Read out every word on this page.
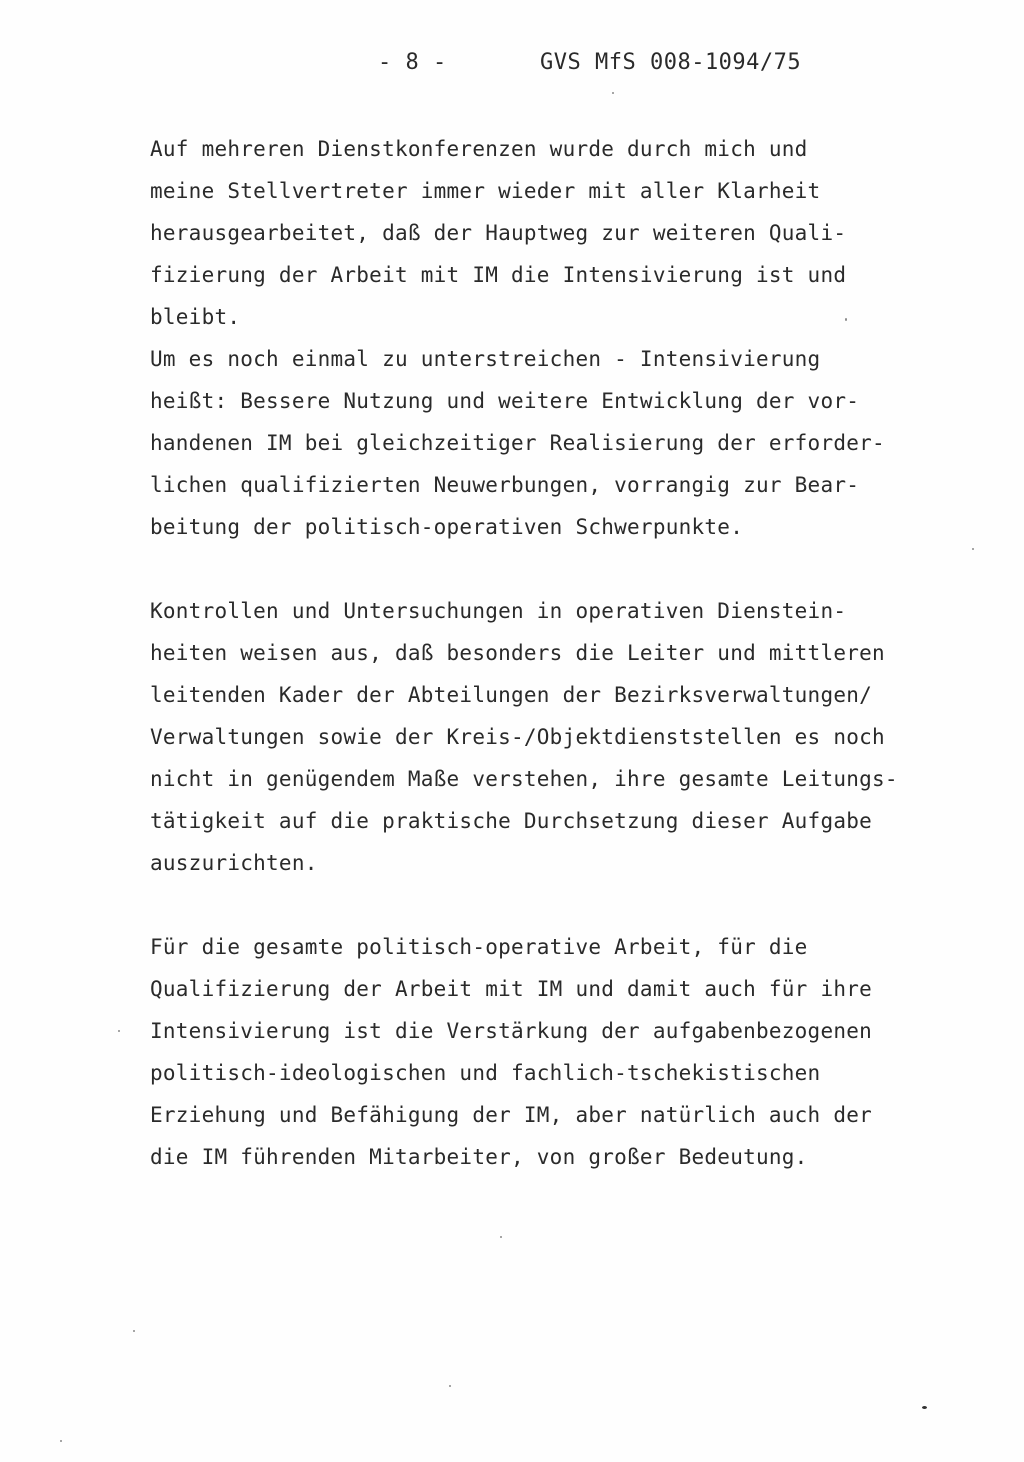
- 8 -	GVS MfS 008-1094/75
Auf mehreren Dienstkonferenzen wurde durch mich und
meine Stellvertreter immer wieder mit aller Klarheit
herausgearbeitet, daß der Hauptweg zur weiteren Quali-
fizierung der Arbeit mit IM die Intensivierung ist und
bleibt.
Um es noch einmal zu unterstreichen - Intensivierung
heißt: Bessere Nutzung und weitere Entwicklung der vor-
handenen IM bei gleichzeitiger Realisierung der erforder-
lichen qualifizierten Neuwerbungen, vorrangig zur Bear-
beitung der politisch-operativen Schwerpunkte.
Kontrollen und Untersuchungen in operativen Dienstein-
heiten weisen aus, daß besonders die Leiter und mittleren
leitenden Kader der Abteilungen der Bezirksverwaltungen/
Verwaltungen sowie der Kreis-/Objektdienststellen es noch
nicht in genügendem Maße verstehen, ihre gesamte Leitungs-
tätigkeit auf die praktische Durchsetzung dieser Aufgabe
auszurichten.
Für die gesamte politisch-operative Arbeit, für die
Qualifizierung der Arbeit mit IM und damit auch für ihre
Intensivierung ist die Verstärkung der aufgabenbezogenen
politisch-ideologischen und fachlich-tschekistischen
Erziehung und Befähigung der IM, aber natürlich auch der
die IM führenden Mitarbeiter, von großer Bedeutung.
